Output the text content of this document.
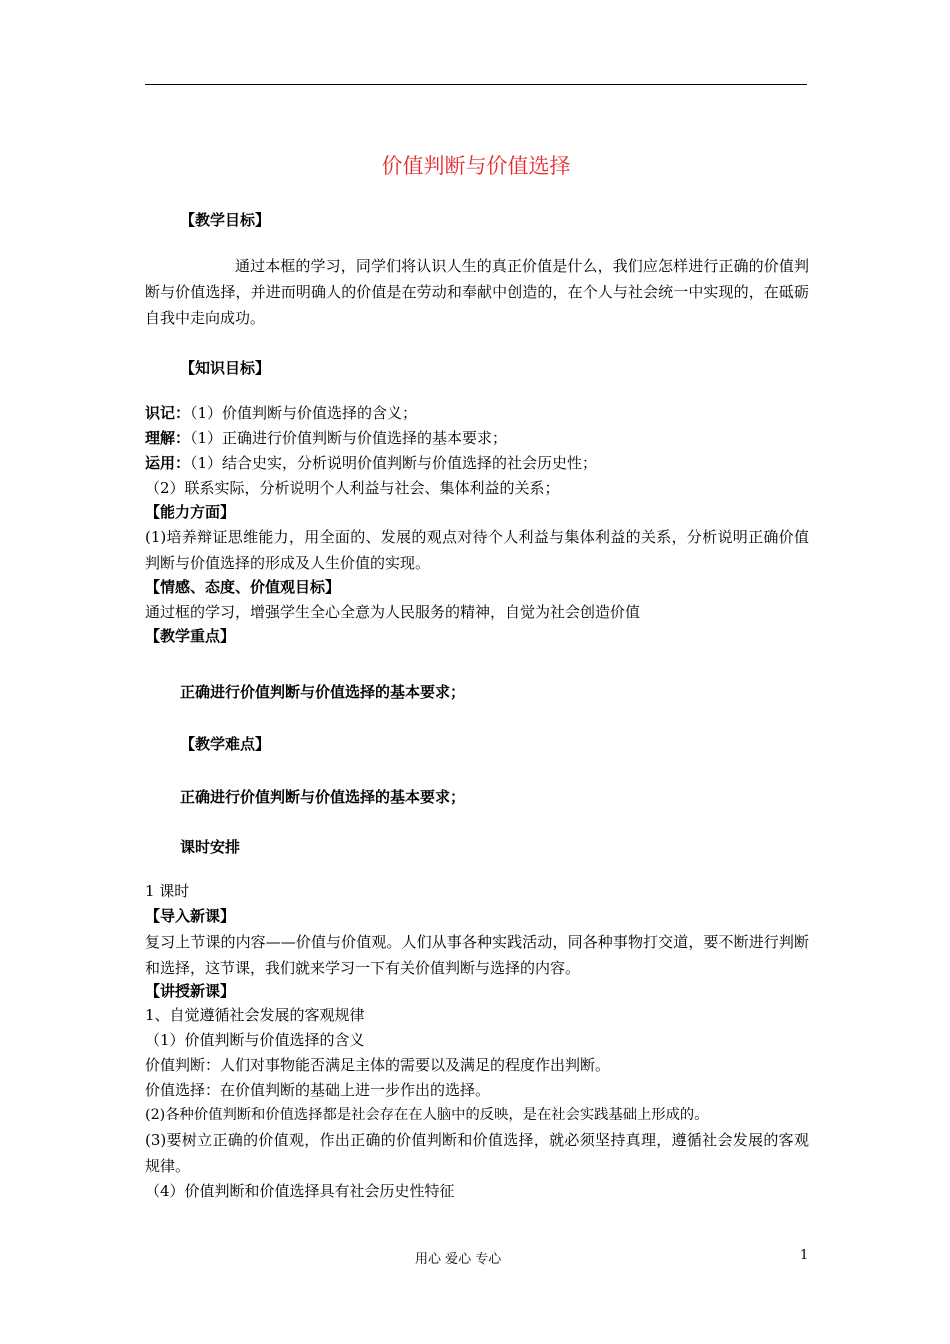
价值判断与价值选择
【教学目标】
通过本框的学习，同学们将认识人生的真正价值是什么，我们应怎样进行正确的价值判断与价值选择，并进而明确人的价值是在劳动和奉献中创造的，在个人与社会统一中实现的，在砥砺自我中走向成功。
【知识目标】
识记：（1）价值判断与价值选择的含义；
理解：（1）正确进行价值判断与价值选择的基本要求；
运用：（1）结合史实，分析说明价值判断与价值选择的社会历史性；
（2）联系实际，分析说明个人利益与社会、集体利益的关系；
【能力方面】
(1)培养辩证思维能力，用全面的、发展的观点对待个人利益与集体利益的关系，分析说明正确价值判断与价值选择的形成及人生价值的实现。
【情感、态度、价值观目标】
通过框的学习，增强学生全心全意为人民服务的精神，自觉为社会创造价值
【教学重点】
正确进行价值判断与价值选择的基本要求；
【教学难点】
正确进行价值判断与价值选择的基本要求；
课时安排
1 课时
【导入新课】
复习上节课的内容——价值与价值观。人们从事各种实践活动，同各种事物打交道，要不断进行判断和选择，这节课，我们就来学习一下有关价值判断与选择的内容。
【讲授新课】
1、自觉遵循社会发展的客观规律
（1）价值判断与价值选择的含义
价值判断：人们对事物能否满足主体的需要以及满足的程度作出判断。
价值选择：在价值判断的基础上进一步作出的选择。
(2)各种价值判断和价值选择都是社会存在在人脑中的反映，是在社会实践基础上形成的。
(3)要树立正确的价值观，作出正确的价值判断和价值选择，就必须坚持真理，遵循社会发展的客观规律。
（4）价值判断和价值选择具有社会历史性特征
用心 爱心 专心	1
